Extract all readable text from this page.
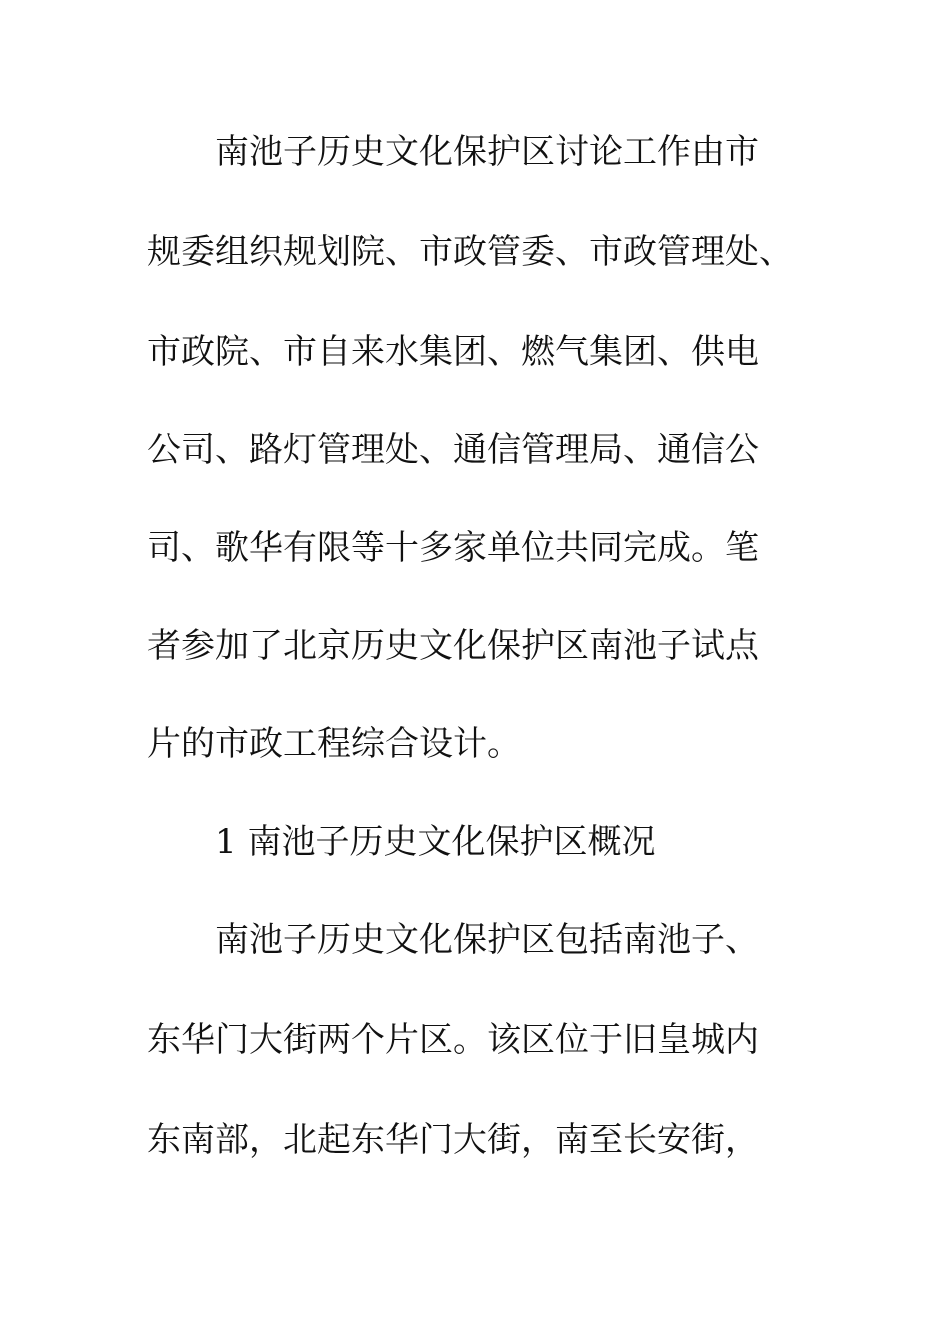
南池子历史文化保护区讨论工作由市
规委组织规划院、市政管委、市政管理处、
市政院、市自来水集团、燃气集团、供电
公司、路灯管理处、通信管理局、通信公
司、歌华有限等十多家单位共同完成。笔
者参加了北京历史文化保护区南池子试点
片的市政工程综合设计。
1 南池子历史文化保护区概况
南池子历史文化保护区包括南池子、
东华门大街两个片区。该区位于旧皇城内
东南部，北起东华门大街，南至长安街，
